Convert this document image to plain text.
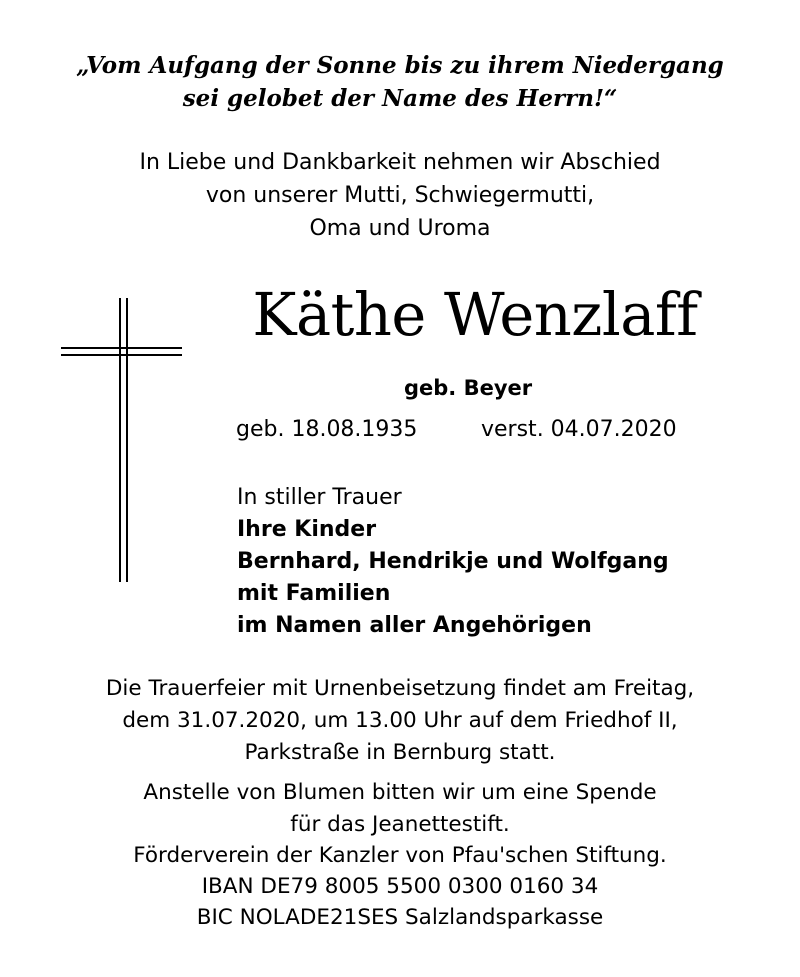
„Vom Aufgang der Sonne bis zu ihrem Niedergang
sei gelobet der Name des Herrn!“
In Liebe und Dankbarkeit nehmen wir Abschied
von unserer Mutti, Schwiegermutti,
Oma und Uroma
Käthe Wenzlaff
geb. Beyer
geb. 18.08.1935	verst. 04.07.2020
In stiller Trauer
Ihre Kinder
Bernhard, Hendrikje und Wolfgang
mit Familien
im Namen aller Angehörigen
Die Trauerfeier mit Urnenbeisetzung findet am Freitag,
dem 31.07.2020, um 13.00 Uhr auf dem Friedhof II,
Parkstraße in Bernburg statt.
Anstelle von Blumen bitten wir um eine Spende
für das Jeanettestift.
Förderverein der Kanzler von Pfau'schen Stiftung.
IBAN DE79 8005 5500 0300 0160 34
BIC NOLADE21SES Salzlandsparkasse
